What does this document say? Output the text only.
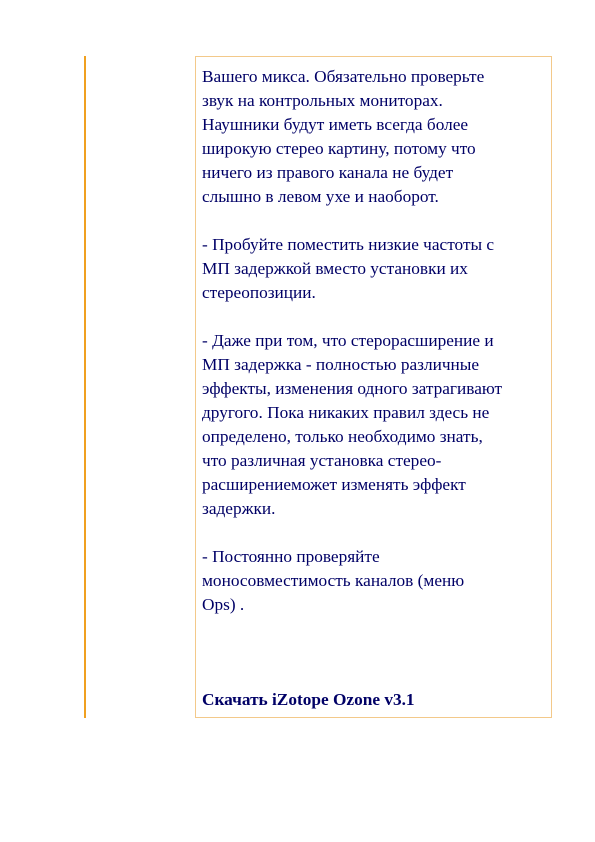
Вашего микса. Обязательно проверьте
звук на контрольных мониторах.
Наушники будут иметь всегда более
широкую стерео картину, потому что
ничего из правого канала не будет
слышно в левом ухе и наоборот.

- Пробуйте поместить низкие частоты с
МП задержкой вместо установки их
стереопозиции.

- Даже при том, что стерорасширение и
МП задержка - полностью различные
эффекты, изменения одного затрагивают
другого. Пока никаких правил здесь не
определено, только необходимо знать,
что различная установка стерео-
расширениеможет изменять эффект
задержки.

- Постоянно проверяйте
моносовместимость каналов (меню
Ops) .

Скачать iZotope Ozone v3.1
